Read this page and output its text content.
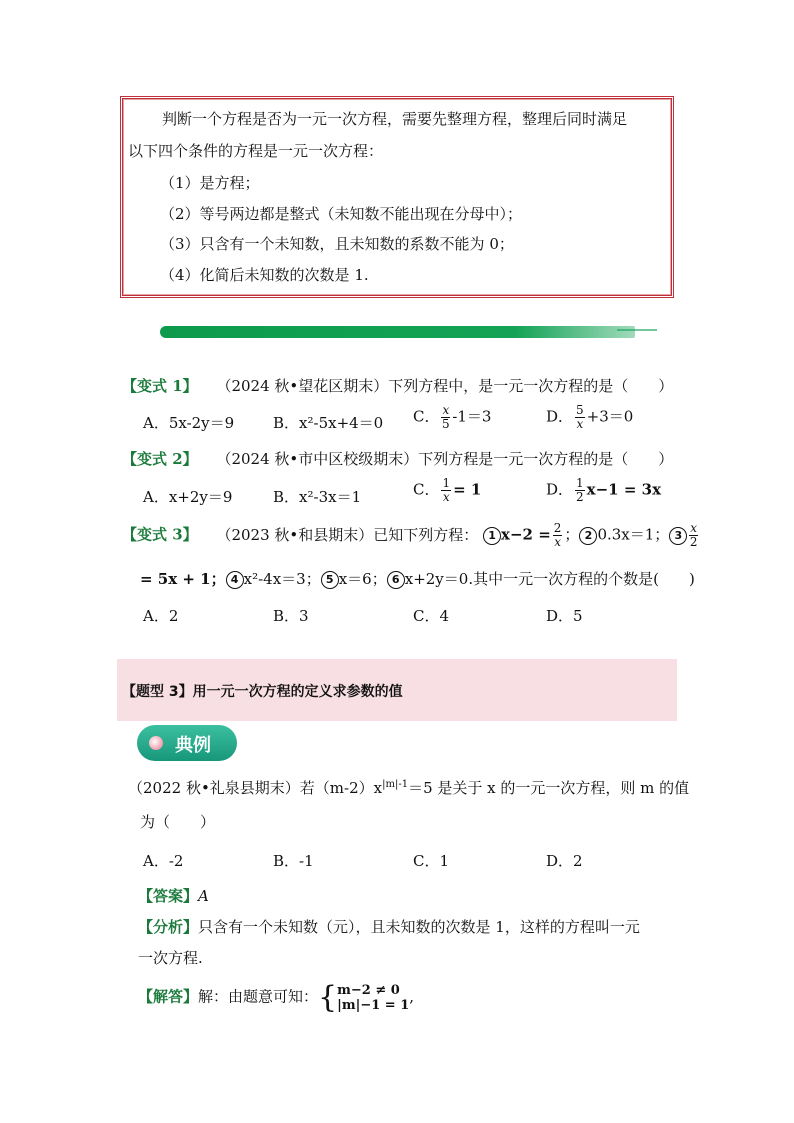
判断一个方程是否为一元一次方程，需要先整理方程，整理后同时满足
以下四个条件的方程是一元一次方程：
（1）是方程；
（2）等号两边都是整式（未知数不能出现在分母中）；
（3）只含有一个未知数，且未知数的系数不能为 0；
（4）化简后未知数的次数是 1.
【变式 1】 （2024 秋•望花区期末）下列方程中，是一元一次方程的是（　　）
A．5x-2y＝9	B．x²-5x+4＝0 C． $\frac{x}{5} -1=3$	D． $\frac{5}{x} +3=0$
【变式 2】 （2024 秋•市中区校级期末）下列方程是一元一次方程的是（　　）
A．x+2y＝9	B．x²-3x＝1	C． $\frac{1}{x} = 1$	D． $\frac{1}{2} x-1 = 3x$
【变式 3】 （2023 秋•和县期末）已知下列方程： 1 $x-2 = \frac{2}{x}$ ； 2 0.3x＝1； $3 \frac{x}{2}$
= 5x + 1； 4 x²-4x＝3； 5 x＝6； 6 x+2y＝0.其中一元一次方程的个数是(　　)
A．2	B．3	C．4	D．5
【题型 3】用一元一次方程的定义求参数的值
典例
（2022 秋•礼泉县期末）若$(m-2)x^{|m|-1}=5$ 是关于 x 的一元一次方程，则 m 的值
为（　　）
A．-2	B．-1	C．1	D．2
【答案】A
【分析】只含有一个未知数（元），且未知数的次数是 1，这样的方程叫一元
一次方程.
【解答】解：由题意可知：{m−2 ≠ 0
|m|−1 = 1,
